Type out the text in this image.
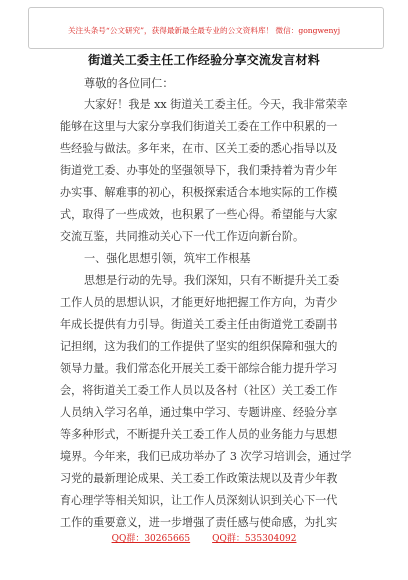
关注头条号“公文研究”，获得最新最全最专业的公文资料库！ 微信：gongwenyj
街道关工委主任工作经验分享交流发言材料
尊敬的各位同仁：
大家好！我是 xx 街道关工委主任。今天，我非常荣幸
能够在这里与大家分享我们街道关工委在工作中积累的一
些经验与做法。多年来，在市、区关工委的悉心指导以及
街道党工委、办事处的坚强领导下，我们秉持着为青少年
办实事、解难事的初心，积极探索适合本地实际的工作模
式，取得了一些成效，也积累了一些心得。希望能与大家
交流互鉴，共同推动关心下一代工作迈向新台阶。
一、强化思想引领，筑牢工作根基
思想是行动的先导。我们深知，只有不断提升关工委
工作人员的思想认识，才能更好地把握工作方向，为青少
年成长提供有力引导。街道关工委主任由街道党工委副书
记担纲，这为我们的工作提供了坚实的组织保障和强大的
领导力量。我们常态化开展关工委干部综合能力提升学习
会，将街道关工委工作人员以及各村（社区）关工委工作
人员纳入学习名单，通过集中学习、专题讲座、经验分享
等多种形式，不断提升关工委工作人员的业务能力与思想
境界。今年来，我们已成功举办了 3 次学习培训会，通过学
习党的最新理论成果、关工委工作政策法规以及青少年教
育心理学等相关知识，让工作人员深刻认识到关心下一代
工作的重要意义，进一步增强了责任感与使命感，为扎实
QQ群：30265665 QQ群：535304092
